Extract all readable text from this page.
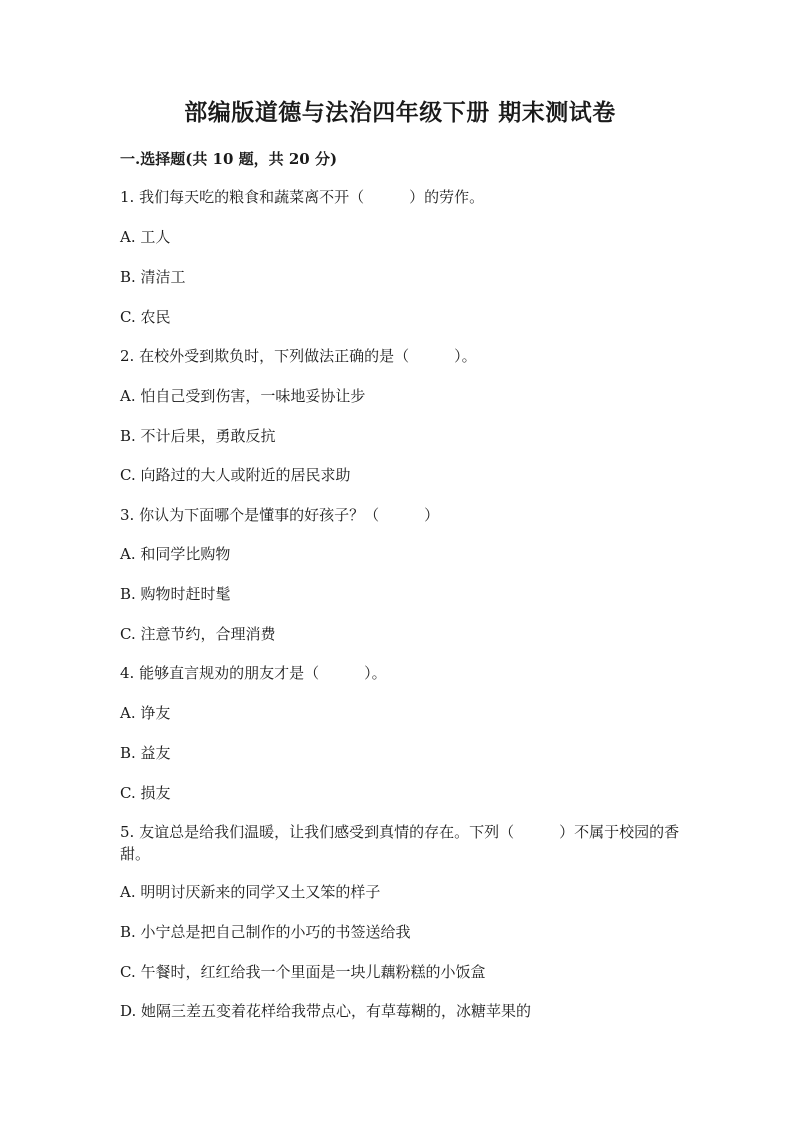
部编版道德与法治四年级下册 期末测试卷
一.选择题(共 10 题，共 20 分)
1. 我们每天吃的粮食和蔬菜离不开（　　　）的劳作。
A. 工人
B. 清洁工
C. 农民
2. 在校外受到欺负时，下列做法正确的是（　　　）。
A. 怕自己受到伤害，一味地妥协让步
B. 不计后果，勇敢反抗
C. 向路过的大人或附近的居民求助
3. 你认为下面哪个是懂事的好孩子？（　　　）
A. 和同学比购物
B. 购物时赶时髦
C. 注意节约，合理消费
4. 能够直言规劝的朋友才是（　　　）。
A. 诤友
B. 益友
C. 损友
5. 友谊总是给我们温暖，让我们感受到真情的存在。下列（　　　）不属于校园的香甜。
A. 明明讨厌新来的同学又土又笨的样子
B. 小宁总是把自己制作的小巧的书签送给我
C. 午餐时，红红给我一个里面是一块儿藕粉糕的小饭盒
D. 她隔三差五变着花样给我带点心，有草莓糊的，冰糖苹果的
